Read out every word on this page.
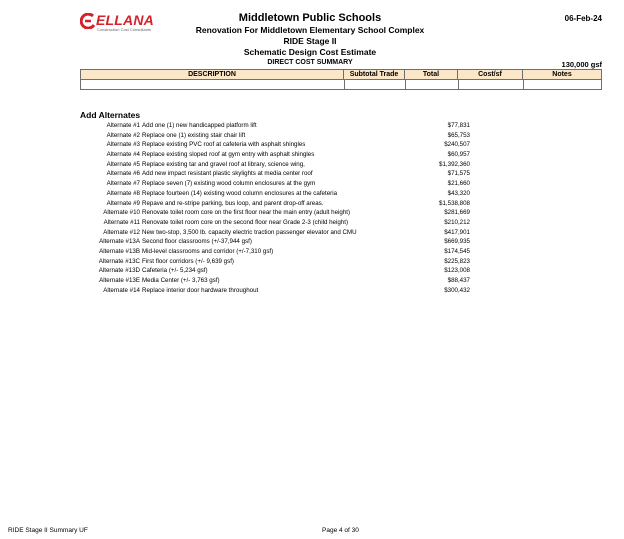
ELLANA
Construction Cost Consultants
Middletown Public Schools
Renovation For Middletown Elementary School Complex
RIDE Stage II
Schematic Design Cost Estimate
DIRECT COST SUMMARY
06-Feb-24
130,000 gsf
DESCRIPTION	Subtotal Trade	Total	Cost/sf	Notes
Add Alternates
Alternate #1 Add one (1) new handicapped platform lift	$77,831
Alternate #2 Replace one (1) existing stair chair lift	$65,753
Alternate #3 Replace existing PVC roof at cafeteria with asphalt shingles	$240,507
Alternate #4 Replace existing sloped roof at gym entry with asphalt shingles	$60,957
Alternate #5 Replace existing tar and gravel roof at library, science wing,	$1,392,360
Alternate #6 Add new impact resistant plastic skylights at media center roof	$71,575
Alternate #7 Replace seven (7) existing wood column enclosures at the gym	$21,660
Alternate #8 Replace fourteen (14) existing wood column enclosures at the cafeteria	$43,320
Alternate #9 Repave and re-stripe parking, bus loop, and parent drop-off areas.	$1,538,808
Alternate #10 Renovate toilet room core on the first floor near the main entry (adult height)	$281,669
Alternate #11 Renovate toilet room core on the second floor near Grade 2-3 (child height)	$210,212
Alternate #12 New two-stop, 3,500 lb. capacity electric traction passenger elevator and CMU	$417,901
Alternate #13A Second floor classrooms (+/-37,944 gsf)	$669,935
Alternate #13B Mid-level classrooms and corridor (+/-7,310 gsf)	$174,545
Alternate #13C First floor corridors (+/- 9,639 gsf)	$225,823
Alternate #13D Cafeteria (+/- 5,234 gsf)	$123,008
Alternate #13E Media Center (+/- 3,763 gsf)	$88,437
Alternate #14 Replace interior door hardware throughout	$300,432
RIDE Stage II Summary UF	Page 4 of 30
